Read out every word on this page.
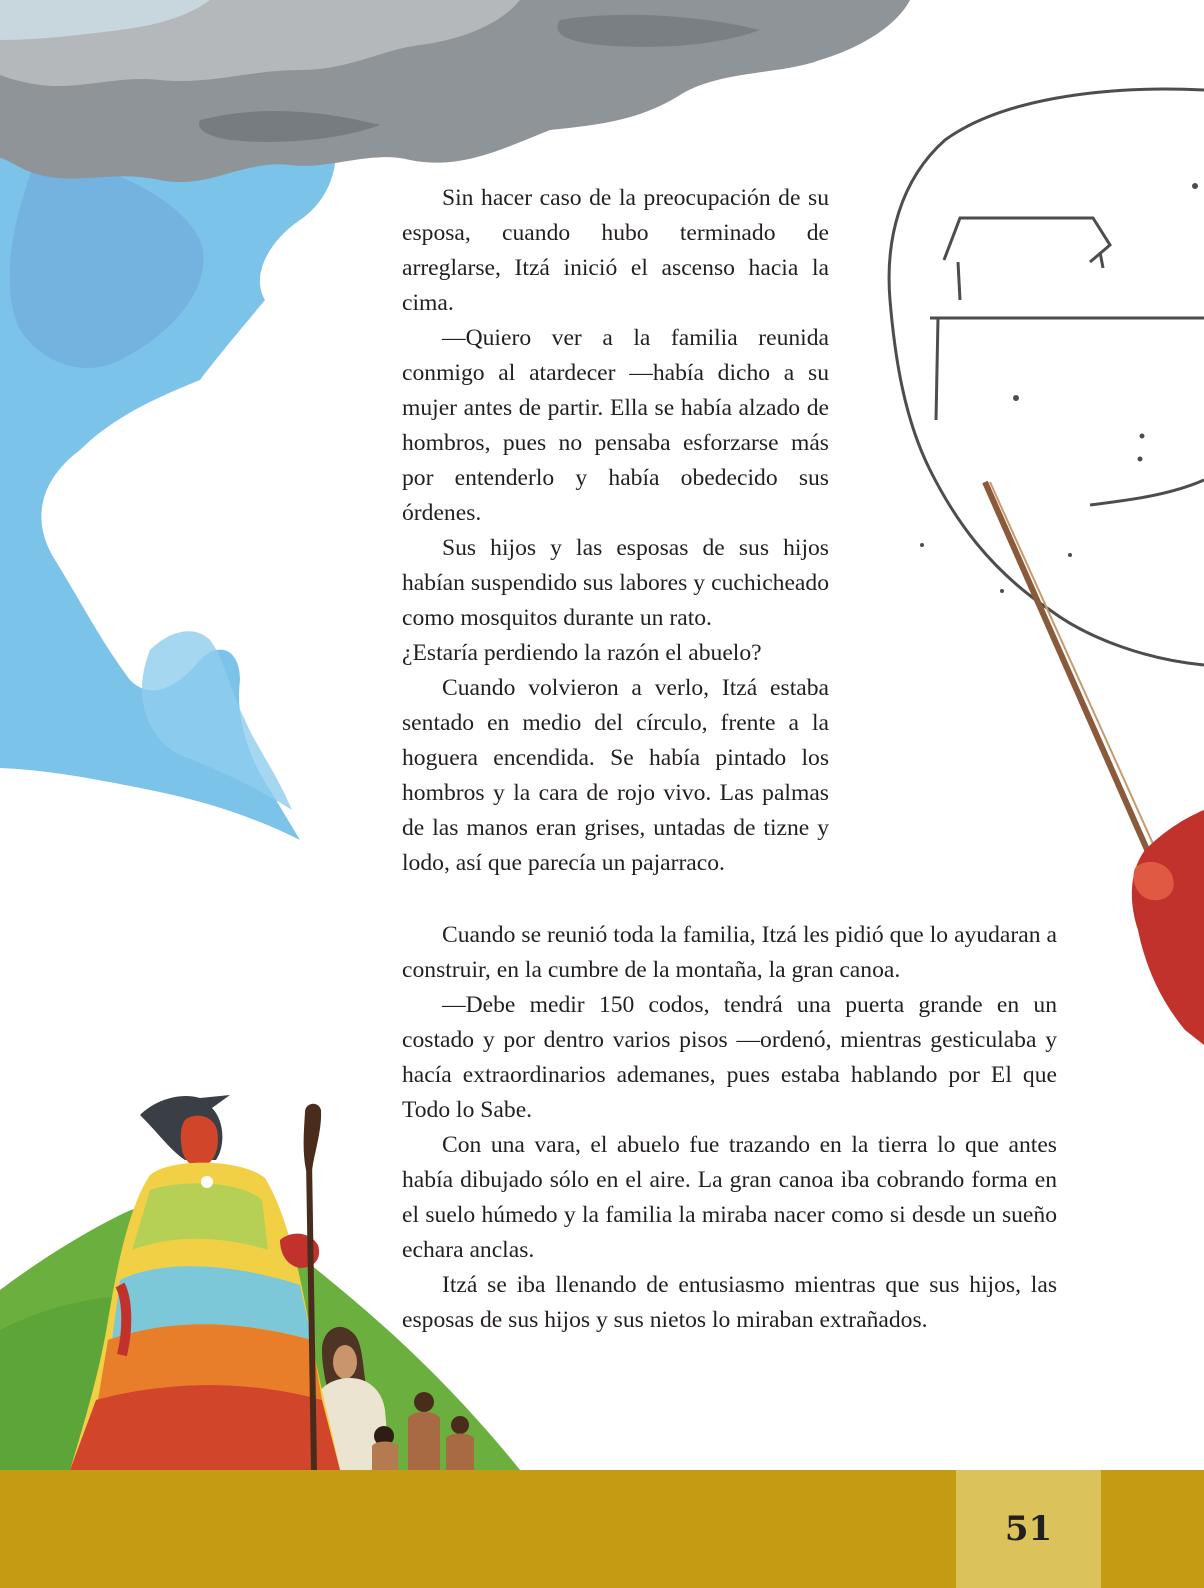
Sin hacer caso de la preocupación de su esposa, cuando hubo terminado de arreglarse, Itzá inició el ascenso hacia la cima.

—Quiero ver a la familia reunida conmigo al atardecer —había dicho a su mujer antes de partir. Ella se había alzado de hombros, pues no pensaba esforzarse más por entenderlo y había obedecido sus órdenes.

Sus hijos y las esposas de sus hijos habían suspendido sus labores y cuchicheado como mosquitos durante un rato.

¿Estaría perdiendo la razón el abuelo?

Cuando volvieron a verlo, Itzá estaba sentado en medio del círculo, frente a la hoguera encendida. Se había pintado los hombros y la cara de rojo vivo. Las palmas de las manos eran grises, untadas de tizne y lodo, así que parecía un pajarraco.

Cuando se reunió toda la familia, Itzá les pidió que lo ayudaran a construir, en la cumbre de la montaña, la gran canoa.

—Debe medir 150 codos, tendrá una puerta grande en un costado y por dentro varios pisos —ordenó, mientras gesticulaba y hacía extraordinarios ademanes, pues estaba hablando por El que Todo lo Sabe.

Con una vara, el abuelo fue trazando en la tierra lo que antes había dibujado sólo en el aire. La gran canoa iba cobrando forma en el suelo húmedo y la familia la miraba nacer como si desde un sueño echara anclas.

Itzá se iba llenando de entusiasmo mientras que sus hijos, las esposas de sus hijos y sus nietos lo miraban extrañados.

51
